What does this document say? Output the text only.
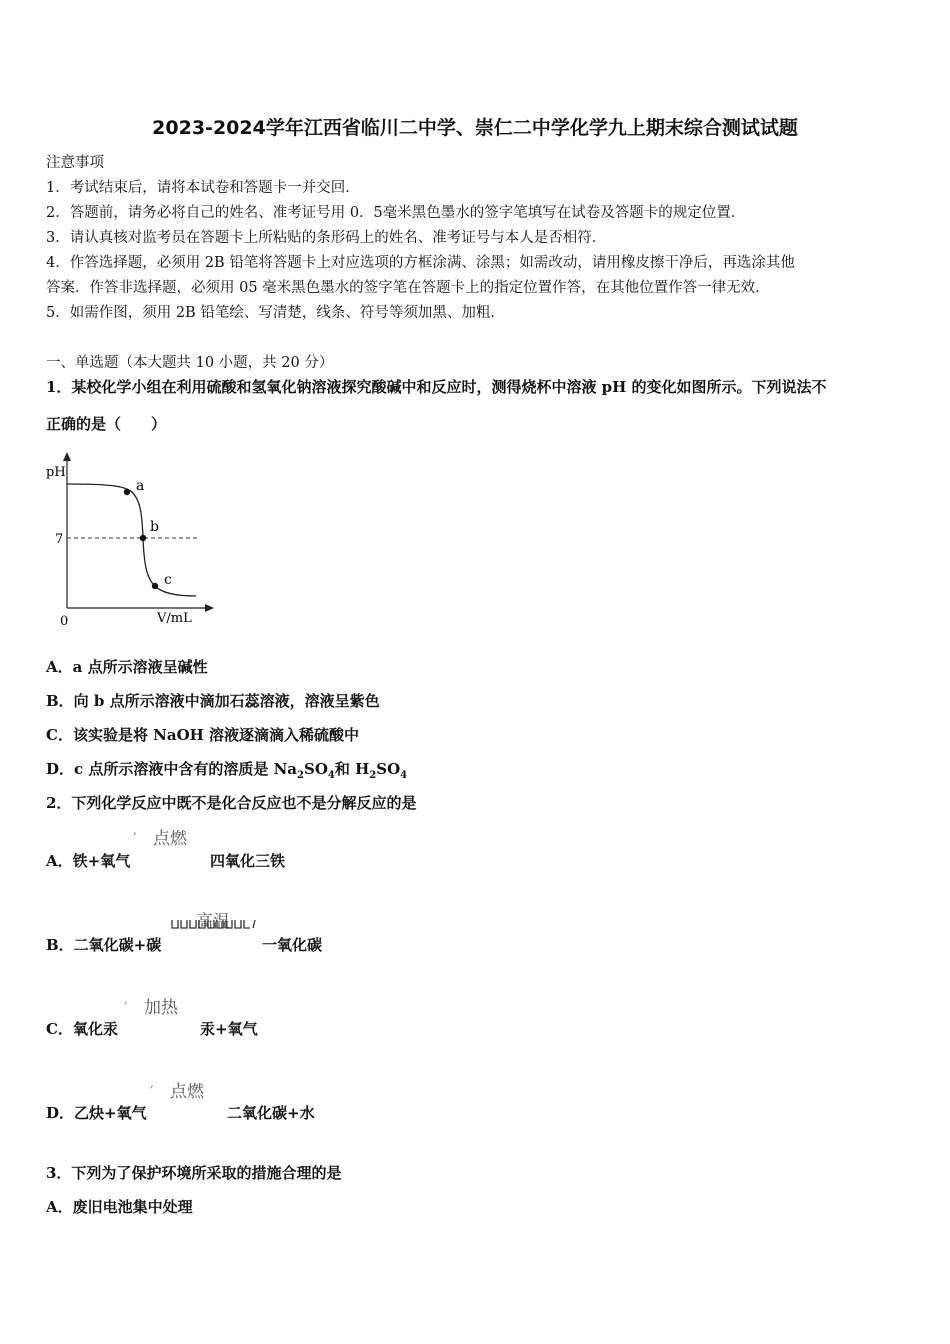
2023-2024学年江西省临川二中学、崇仁二中学化学九上期末综合测试试题
注意事项
1．考试结束后，请将本试卷和答题卡一并交回．
2．答题前，请务必将自己的姓名、准考证号用 0．5毫米黑色墨水的签字笔填写在试卷及答题卡的规定位置．
3．请认真核对监考员在答题卡上所粘贴的条形码上的姓名、准考证号与本人是否相符．
4．作答选择题，必须用 2B 铅笔将答题卡上对应选项的方框涂满、涂黑；如需改动，请用橡皮擦干净后，再选涂其他
答案．作答非选择题，必须用 05 毫米黑色墨水的签字笔在答题卡上的指定位置作答，在其他位置作答一律无效．
5．如需作图，须用 2B 铅笔绘、写清楚，线条、符号等须加黑、加粗．
一、单选题（本大题共 10 小题，共 20 分）
1．某校化学小组在利用硫酸和氢氧化钠溶液探究酸碱中和反应时，测得烧杯中溶液 pH 的变化如图所示。下列说法不
正确的是（　　）
pH
7
0	V/mL
a
b
c
A．a 点所示溶液呈碱性
B．向 b 点所示溶液中滴加石蕊溶液，溶液呈紫色
C．该实验是将 NaOH 溶液逐滴滴入稀硫酸中
D．c 点所示溶液中含有的溶质是 $Na_2SO_4$和 $H_2SO_4$
2．下列化学反应中既不是化合反应也不是分解反应的是
, 点燃
A．铁+氧气	四氧化三铁
高温
B．二氧化碳+碳	一氧化碳
, 加热
C．氧化汞	汞+氧气
, 点燃
D．乙炔+氧气	二氧化碳+水
3．下列为了保护环境所采取的措施合理的是
A．废旧电池集中处理
